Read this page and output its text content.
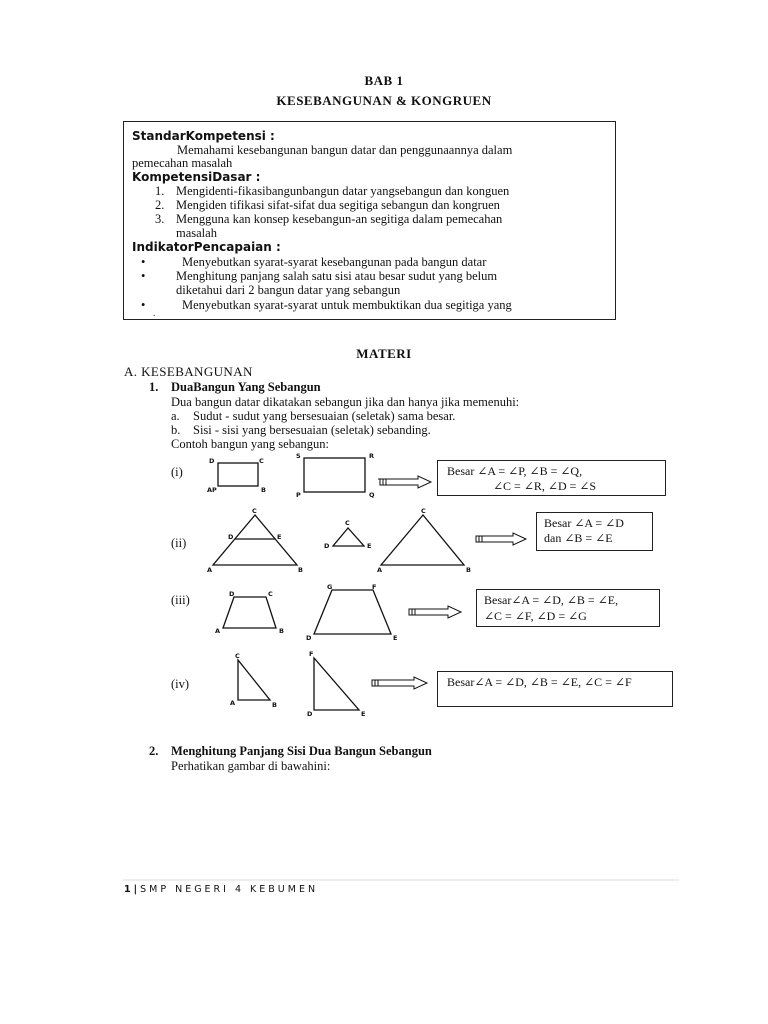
BAB 1
KESEBANGUNAN & KONGRUEN
StandarKompetensi :
Memahami kesebangunan bangun datar dan penggunaannya dalam
pemecahan masalah
KompetensiDasar :
1. Mengidenti-fikasibangunbangun datar yangsebangun dan konguen
2. Mengiden tifikasi sifat-sifat dua segitiga sebangun dan kongruen
3. Mengguna kan konsep kesebangun-an segitiga dalam pemecahan
masalah
IndikatorPencapaian :
•	Menyebutkan syarat-syarat kesebangunan pada bangun datar
• Menghitung panjang salah satu sisi atau besar sudut yang belum
diketahui dari 2 bangun datar yang sebangun
•	Menyebutkan syarat-syarat untuk membuktikan dua segitiga yang
.
MATERI
A. KESEBANGUNAN
1. DuaBangun Yang Sebangun
Dua bangun datar dikatakan sebangun jika dan hanya jika memenuhi:
a. Sudut - sudut yang bersesuaian (seletak) sama besar.
b. Sisi - sisi yang bersesuaian (seletak) sebanding.
Contoh bangun yang sebangun:
(i)
(ii)
(iii)
(iv)
D	C
AP	B
S	R
P	Q
C
D	E
A	B
C
D	E
C
A	B
D	C
A	B
G	F
D	E
C
A	B
F
D	E
Besar ∠A = ∠P, ∠B = ∠Q,
∠C = ∠R, ∠D = ∠S
Besar ∠A = ∠D
dan ∠B = ∠E
Besar∠A = ∠D, ∠B = ∠E,
∠C = ∠F, ∠D = ∠G
Besar∠A = ∠D, ∠B = ∠E, ∠C = ∠F
2. Menghitung Panjang Sisi Dua Bangun Sebangun
Perhatikan gambar di bawahini:
1|SMP NEGERI 4 KEBUMEN
